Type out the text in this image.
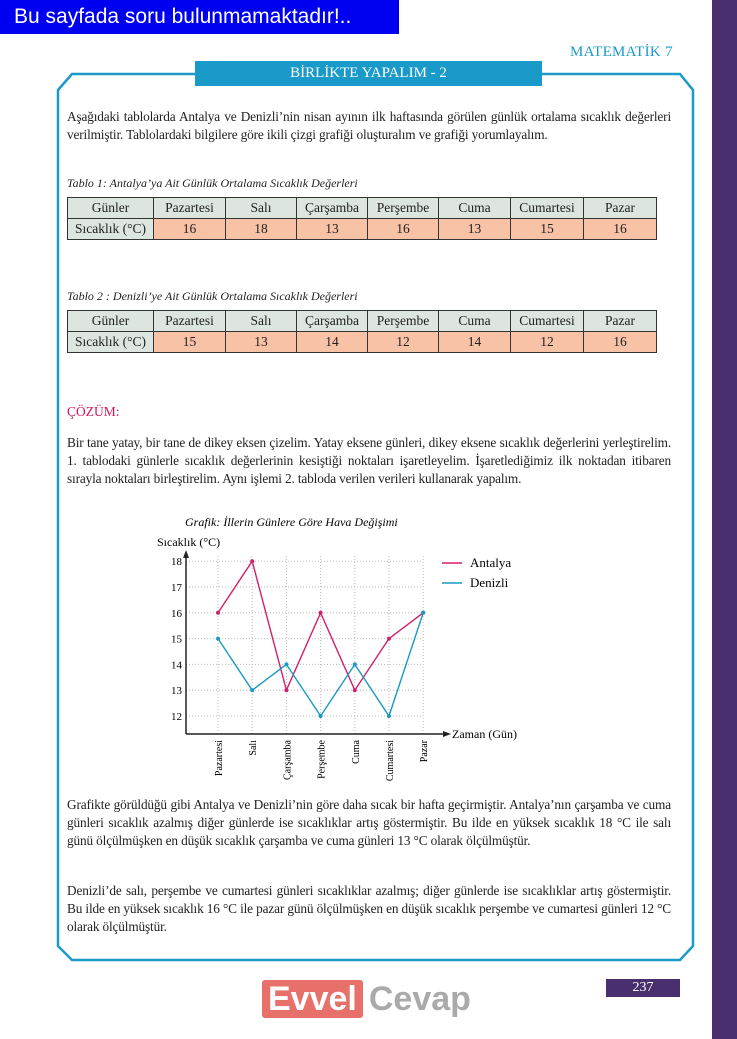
Bu sayfada soru bulunmamaktadır!..
MATEMATİK 7
BİRLİKTE YAPALIM - 2
Aşağıdaki tablolarda Antalya ve Denizli’nin nisan ayının ilk haftasında görülen günlük ortalama sıcaklık değerleri verilmiştir. Tablolardaki bilgilere göre ikili çizgi grafiği oluşturalım ve grafiği yorumlayalım.
Tablo 1: Antalya’ya Ait Günlük Ortalama Sıcaklık Değerleri
Günler	Pazartesi	Salı	Çarşamba	Perşembe	Cuma	Cumartesi	Pazar
Sıcaklık (°C)	16	18	13	16	13	15	16
Tablo 2 : Denizli’ye Ait Günlük Ortalama Sıcaklık Değerleri
Günler	Pazartesi	Salı	Çarşamba	Perşembe	Cuma	Cumartesi	Pazar
Sıcaklık (°C)	15	13	14	12	14	12	16
ÇÖZÜM:
Bir tane yatay, bir tane de dikey eksen çizelim. Yatay eksene günleri, dikey eksene sıcaklık değerlerini yerleştirelim. 1. tablodaki günlerle sıcaklık değerlerinin kesiştiği noktaları işaretleyelim. İşaretlediğimiz ilk noktadan itibaren sırayla noktaları birleştirelim. Aynı işlemi 2. tabloda verilen verileri kullanarak yapalım.
Grafik: İllerin Günlere Göre Hava Değişimi
Sıcaklık (°C)
Pazartesi Salı Çarşamba Perşembe Cuma Cumartesi Pazar
12
13
14
15
16
17
18
Zaman (Gün)
Antalya
Denizli
Grafikte görüldüğü gibi Antalya ve Denizli’nin göre daha sıcak bir hafta geçirmiştir. Antalya’nın çarşamba ve cuma günleri sıcaklık azalmış diğer günlerde ise sıcaklıklar artış göstermiştir. Bu ilde en yüksek sıcaklık 18 °C ile salı günü ölçülmüşken en düşük sıcaklık çarşamba ve cuma günleri 13 °C olarak ölçülmüştür.
Denizli’de salı, perşembe ve cumartesi günleri sıcaklıklar azalmış; diğer günlerde ise sıcaklıklar artış göstermiştir. Bu ilde en yüksek sıcaklık 16 °C ile pazar günü ölçülmüşken en düşük sıcaklık perşembe ve cumartesi günleri 12 °C olarak ölçülmüştür.
Evvel Cevap	237
